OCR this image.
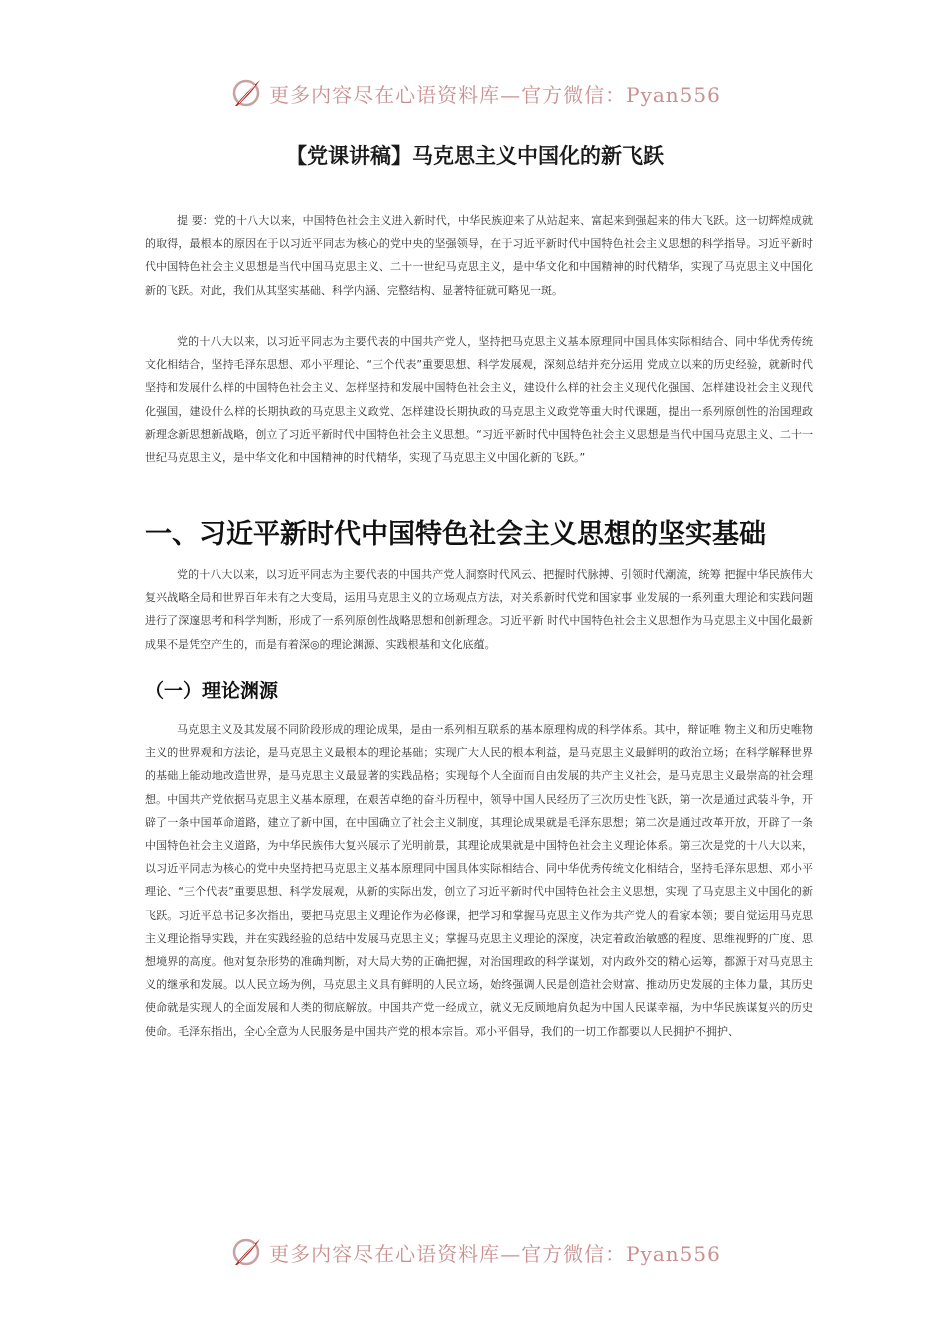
更多内容尽在心语资料库—官方微信：Pyan556
【党课讲稿】马克思主义中国化的新飞跃

提 要：党的十八大以来，中国特色社会主义进入新时代，中华民族迎来了从站起来、富起来到强起来的伟大飞跃。这一切辉煌成就的取得，最根本的原因在于以习近平同志为核心的党中央的坚强领导，在于习近平新时代中国特色社会主义思想的科学指导。习近平新时代中国特色社会主义思想是当代中国马克思主义、二十一世纪马克思主义，是中华文化和中国精神的时代精华，实现了马克思主义中国化新的飞跃。对此，我们从其坚实基础、科学内涵、完整结构、显著特征就可略见一斑。

党的十八大以来，以习近平同志为主要代表的中国共产党人，坚持把马克思主义基本原理同中国具体实际相结合、同中华优秀传统文化相结合，坚持毛泽东思想、邓小平理论、“三个代表”重要思想、科学发展观，深刻总结并充分运用 党成立以来的历史经验，就新时代坚持和发展什么样的中国特色社会主义、怎样坚持和发展中国特色社会主义，建设什么样的社会主义现代化强国、怎样建设社会主义现代化强国，建设什么样的长期执政的马克思主义政党、怎样建设长期执政的马克思主义政党等重大时代课题，提出一系列原创性的治国理政新理念新思想新战略，创立了习近平新时代中国特色社会主义思想。“习近平新时代中国特色社会主义思想是当代中国马克思主义、二十一世纪马克思主义，是中华文化和中国精神的时代精华，实现了马克思主义中国化新的飞跃。”

一、习近平新时代中国特色社会主义思想的坚实基础

党的十八大以来，以习近平同志为主要代表的中国共产党人洞察时代风云、把握时代脉搏、引领时代潮流，统筹 把握中华民族伟大复兴战略全局和世界百年未有之大变局，运用马克思主义的立场观点方法，对关系新时代党和国家事 业发展的一系列重大理论和实践问题进行了深邃思考和科学判断，形成了一系列原创性战略思想和创新理念。习近平新 时代中国特色社会主义思想作为马克思主义中国化最新成果不是凭空产生的，而是有着深◎的理论渊源、实践根基和文化底蕴。

（一）理论渊源

马克思主义及其发展不同阶段形成的理论成果，是由一系列相互联系的基本原理构成的科学体系。其中，辩证唯 物主义和历史唯物主义的世界观和方法论，是马克思主义最根本的理论基础；实现广大人民的根本利益，是马克思主义最鲜明的政治立场；在科学解释世界的基础上能动地改造世界，是马克思主义最显著的实践品格；实现每个人全面而自由发展的共产主义社会，是马克思主义最崇高的社会理想。中国共产党依据马克思主义基本原理，在艰苦卓绝的奋斗历程中，领导中国人民经历了三次历史性飞跃，第一次是通过武装斗争，开辟了一条中国革命道路，建立了新中国，在中国确立了社会主义制度，其理论成果就是毛泽东思想；第二次是通过改革开放，开辟了一条中国特色社会主义道路，为中华民族伟大复兴展示了光明前景，其理论成果就是中国特色社会主义理论体系。第三次是党的十八大以来，以习近平同志为核心的党中央坚持把马克思主义基本原理同中国具体实际相结合、同中华优秀传统文化相结合，坚持毛泽东思想、邓小平理论、“三个代表”重要思想、科学发展观，从新的实际出发，创立了习近平新时代中国特色社会主义思想，实现 了马克思主义中国化的新飞跃。习近平总书记多次指出，要把马克思主义理论作为必修课，把学习和掌握马克思主义作为共产党人的看家本领；要自觉运用马克思主义理论指导实践，并在实践经验的总结中发展马克思主义；掌握马克思主义理论的深度，决定着政治敏感的程度、思维视野的广度、思想境界的高度。他对复杂形势的准确判断，对大局大势的正确把握，对治国理政的科学谋划，对内政外交的精心运筹，都源于对马克思主义的继承和发展。以人民立场为例，马克思主义具有鲜明的人民立场，始终强调人民是创造社会财富、推动历史发展的主体力量，其历史使命就是实现人的全面发展和人类的彻底解放。中国共产党一经成立，就义无反顾地肩负起为中国人民谋幸福，为中华民族谋复兴的历史使命。毛泽东指出，全心全意为人民服务是中国共产党的根本宗旨。邓小平倡导，我们的一切工作都要以人民拥护不拥护、

更多内容尽在心语资料库—官方微信：Pyan556
